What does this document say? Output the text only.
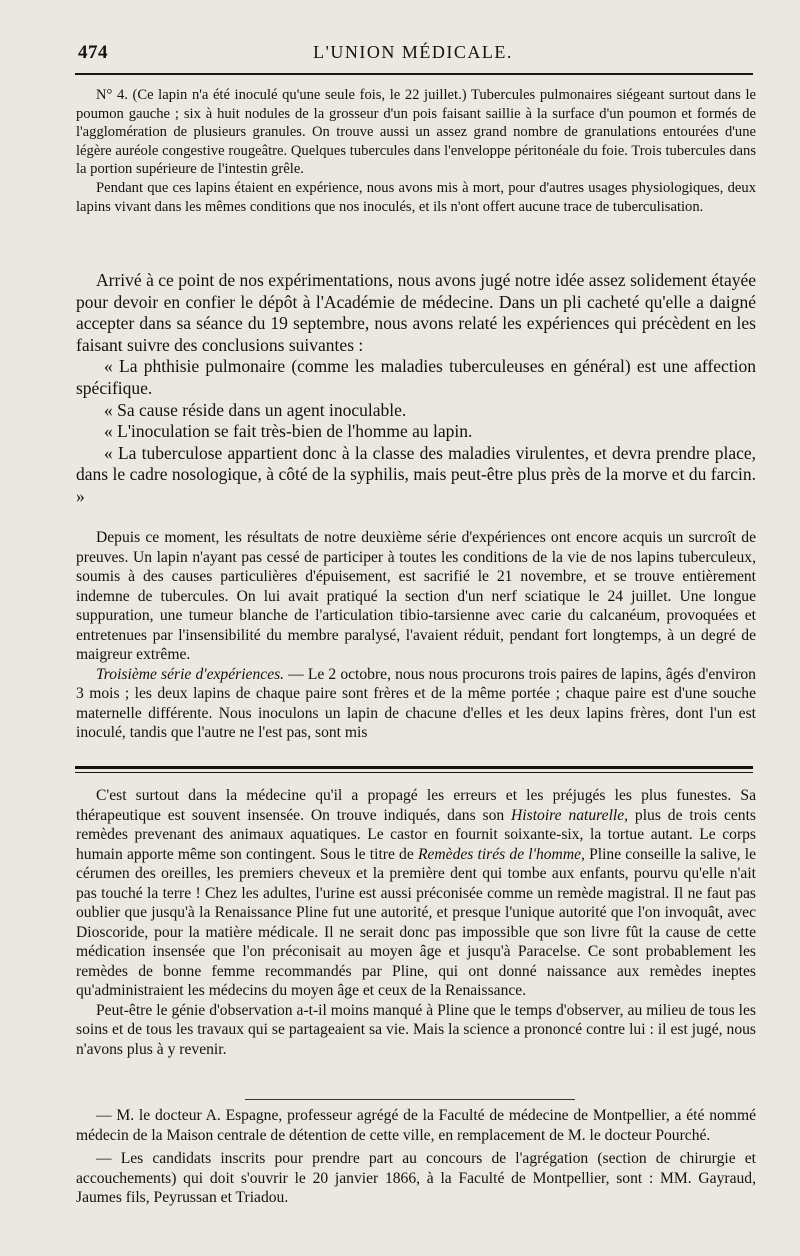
474	L'UNION MÉDICALE.

N° 4. (Ce lapin n'a été inoculé qu'une seule fois, le 22 juillet.) Tubercules pulmonaires siégeant surtout dans le poumon gauche ; six à huit nodules de la grosseur d'un pois faisant saillie à la surface d'un poumon et formés de l'agglomération de plusieurs granules. On trouve aussi un assez grand nombre de granulations entourées d'une légère auréole congestive rougeâtre. Quelques tubercules dans l'enveloppe péritonéale du foie. Trois tubercules dans la portion supérieure de l'intestin grêle.

Pendant que ces lapins étaient en expérience, nous avons mis à mort, pour d'autres usages physiologiques, deux lapins vivant dans les mêmes conditions que nos inoculés, et ils n'ont offert aucune trace de tuberculisation.

Arrivé à ce point de nos expérimentations, nous avons jugé notre idée assez solidement étayée pour devoir en confier le dépôt à l'Académie de médecine. Dans un pli cacheté qu'elle a daigné accepter dans sa séance du 19 septembre, nous avons relaté les expériences qui précèdent en les faisant suivre des conclusions suivantes :

« La phthisie pulmonaire (comme les maladies tuberculeuses en général) est une affection spécifique.

« Sa cause réside dans un agent inoculable.

« L'inoculation se fait très-bien de l'homme au lapin.

« La tuberculose appartient donc à la classe des maladies virulentes, et devra prendre place, dans le cadre nosologique, à côté de la syphilis, mais peut-être plus près de la morve et du farcin. »

Depuis ce moment, les résultats de notre deuxième série d'expériences ont encore acquis un surcroît de preuves. Un lapin n'ayant pas cessé de participer à toutes les conditions de la vie de nos lapins tuberculeux, soumis à des causes particulières d'épuisement, est sacrifié le 21 novembre, et se trouve entièrement indemne de tubercules. On lui avait pratiqué la section d'un nerf sciatique le 24 juillet. Une longue suppuration, une tumeur blanche de l'articulation tibio-tarsienne avec carie du calcanéum, provoquées et entretenues par l'insensibilité du membre paralysé, l'avaient réduit, pendant fort longtemps, à un degré de maigreur extrême.

Troisième série d'expériences. — Le 2 octobre, nous nous procurons trois paires de lapins, âgés d'environ 3 mois ; les deux lapins de chaque paire sont frères et de la même portée ; chaque paire est d'une souche maternelle différente. Nous inoculons un lapin de chacune d'elles et les deux lapins frères, dont l'un est inoculé, tandis que l'autre ne l'est pas, sont mis

C'est surtout dans la médecine qu'il a propagé les erreurs et les préjugés les plus funestes. Sa thérapeutique est souvent insensée. On trouve indiqués, dans son Histoire naturelle, plus de trois cents remèdes prevenant des animaux aquatiques. Le castor en fournit soixante-six, la tortue autant. Le corps humain apporte même son contingent. Sous le titre de Remèdes tirés de l'homme, Pline conseille la salive, le cérumen des oreilles, les premiers cheveux et la première dent qui tombe aux enfants, pourvu qu'elle n'ait pas touché la terre ! Chez les adultes, l'urine est aussi préconisée comme un remède magistral. Il ne faut pas oublier que jusqu'à la Renaissance Pline fut une autorité, et presque l'unique autorité que l'on invoquât, avec Dioscoride, pour la matière médicale. Il ne serait donc pas impossible que son livre fût la cause de cette médication insensée que l'on préconisait au moyen âge et jusqu'à Paracelse. Ce sont probablement les remèdes de bonne femme recommandés par Pline, qui ont donné naissance aux remèdes ineptes qu'administraient les médecins du moyen âge et ceux de la Renaissance.

Peut-être le génie d'observation a-t-il moins manqué à Pline que le temps d'observer, au milieu de tous les soins et de tous les travaux qui se partageaient sa vie. Mais la science a prononcé contre lui : il est jugé, nous n'avons plus à y revenir.

— M. le docteur A. Espagne, professeur agrégé de la Faculté de médecine de Montpellier, a été nommé médecin de la Maison centrale de détention de cette ville, en remplacement de M. le docteur Pourché.

— Les candidats inscrits pour prendre part au concours de l'agrégation (section de chirurgie et accouchements) qui doit s'ouvrir le 20 janvier 1866, à la Faculté de Montpellier, sont : MM. Gayraud, Jaumes fils, Peyrussan et Triadou.
